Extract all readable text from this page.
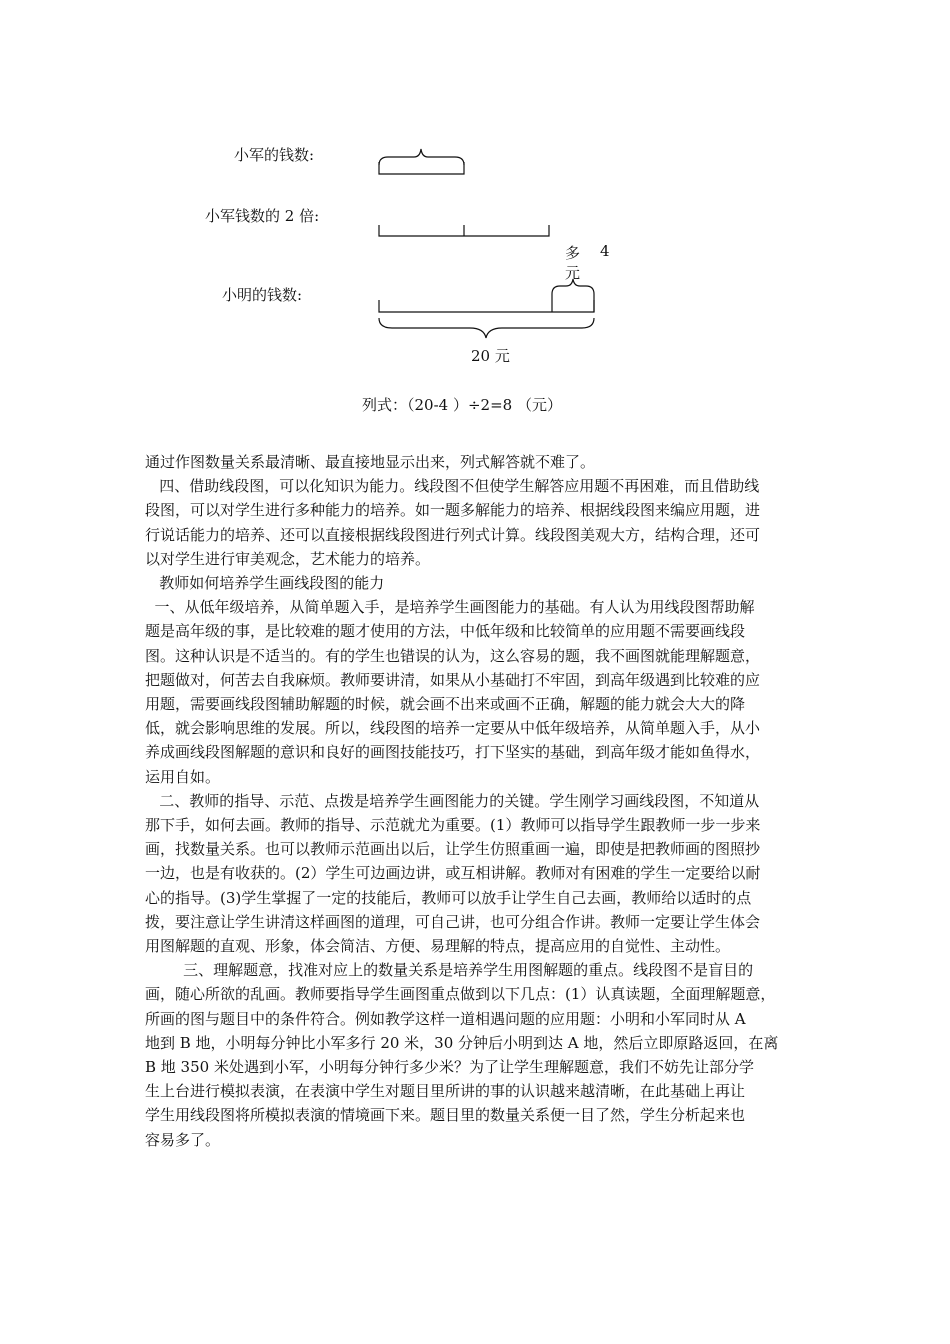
小军的钱数:
小军钱数的 2 倍:
小明的钱数:
多 4
元
20 元
列式：（20-4 ）÷2=8 （元）
通过作图数量关系最清晰、最直接地显示出来，列式解答就不难了。
四、借助线段图，可以化知识为能力。线段图不但使学生解答应用题不再困难，而且借助线
段图，可以对学生进行多种能力的培养。如一题多解能力的培养、根据线段图来编应用题，进
行说话能力的培养、还可以直接根据线段图进行列式计算。线段图美观大方，结构合理，还可
以对学生进行审美观念，艺术能力的培养。
教师如何培养学生画线段图的能力
一、从低年级培养，从简单题入手，是培养学生画图能力的基础。有人认为用线段图帮助解
题是高年级的事，是比较难的题才使用的方法，中低年级和比较简单的应用题不需要画线段
图。这种认识是不适当的。有的学生也错误的认为，这么容易的题，我不画图就能理解题意，
把题做对，何苦去自我麻烦。教师要讲清，如果从小基础打不牢固，到高年级遇到比较难的应
用题，需要画线段图辅助解题的时候，就会画不出来或画不正确，解题的能力就会大大的降
低，就会影响思维的发展。所以，线段图的培养一定要从中低年级培养，从简单题入手，从小
养成画线段图解题的意识和良好的画图技能技巧，打下坚实的基础，到高年级才能如鱼得水，
运用自如。
二、教师的指导、示范、点拨是培养学生画图能力的关键。学生刚学习画线段图，不知道从
那下手，如何去画。教师的指导、示范就尤为重要。(1）教师可以指导学生跟教师一步一步来
画，找数量关系。也可以教师示范画出以后，让学生仿照重画一遍，即使是把教师画的图照抄
一边，也是有收获的。(2）学生可边画边讲，或互相讲解。教师对有困难的学生一定要给以耐
心的指导。(3)学生掌握了一定的技能后，教师可以放手让学生自己去画，教师给以适时的点
拨，要注意让学生讲清这样画图的道理，可自己讲，也可分组合作讲。教师一定要让学生体会
用图解题的直观、形象，体会简洁、方便、易理解的特点，提高应用的自觉性、主动性。
三、理解题意，找准对应上的数量关系是培养学生用图解题的重点。线段图不是盲目的
画，随心所欲的乱画。教师要指导学生画图重点做到以下几点：(1）认真读题，全面理解题意，
所画的图与题目中的条件符合。例如教学这样一道相遇问题的应用题：小明和小军同时从 A
地到 B 地，小明每分钟比小军多行 20 米，30 分钟后小明到达 A 地，然后立即原路返回，在离
B 地 350 米处遇到小军，小明每分钟行多少米？为了让学生理解题意，我们不妨先让部分学
生上台进行模拟表演，在表演中学生对题目里所讲的事的认识越来越清晰，在此基础上再让
学生用线段图将所模拟表演的情境画下来。题目里的数量关系便一目了然，学生分析起来也
容易多了。
